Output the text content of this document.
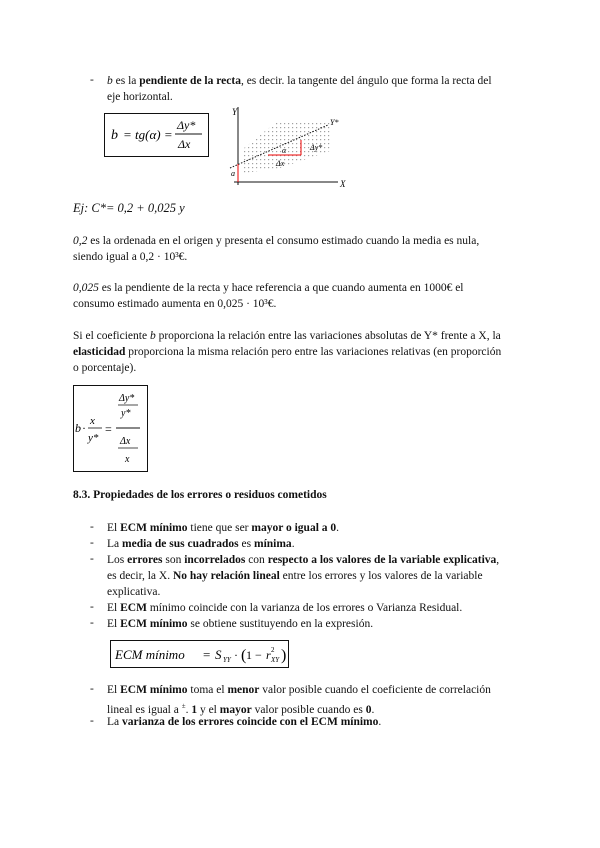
- b es la pendiente de la recta, es decir. la tangente del ángulo que forma la recta del
eje horizontal.
b = tg(α) =
Δy*
Δx
Y
X
Y*
a
α	Δy*
Δx
Ej: C*= 0,2 + 0,025 y
0,2 es la ordenada en el origen y presenta el consumo estimado cuando la media es nula,
siendo igual a 0,2 · 10³€.
0,025 es la pendiente de la recta y hace referencia a que cuando aumenta en 1000€ el
consumo estimado aumenta en 0,025 · 10³€.
Si el coeficiente b proporciona la relación entre las variaciones absolutas de Y* frente a X, la
elasticidad proporciona la misma relación pero entre las variaciones relativas (en proporción
o porcentaje).
b · x
y*
=
Δy*
y*
Δx
x
8.3. Propiedades de los errores o residuos cometidos
- El ECM mínimo tiene que ser mayor o igual a 0.
- La media de sus cuadrados es mínima.
- Los errores son incorrelados con respecto a los valores de la variable explicativa,
es decir, la X. No hay relación lineal entre los errores y los valores de la variable
explicativa.
- El ECM mínimo coincide con la varianza de los errores o Varianza Residual.
- El ECM mínimo se obtiene sustituyendo en la expresión.
ECM mínimo = S YY · ( 1 − r 2
XY )
- El ECM mínimo toma el menor valor posible cuando el coeficiente de correlación
lineal es igual a ±. 1 y el mayor valor posible cuando es 0.
- La varianza de los errores coincide con el ECM mínimo.
